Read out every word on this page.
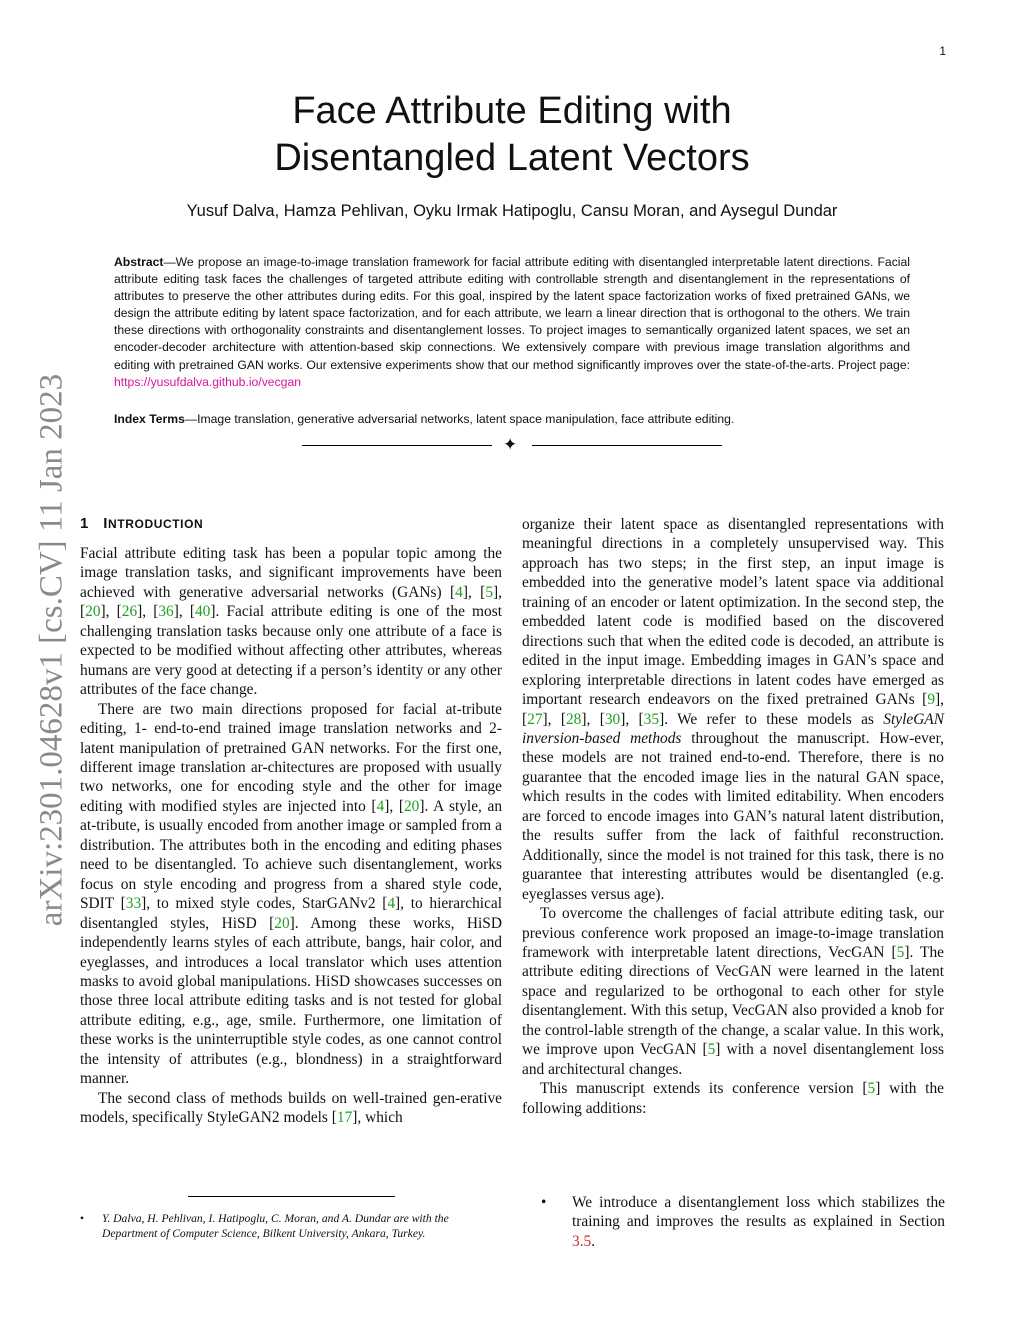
1
arXiv:2301.04628v1 [cs.CV] 11 Jan 2023
Face Attribute Editing with
Disentangled Latent Vectors
Yusuf Dalva, Hamza Pehlivan, Oyku Irmak Hatipoglu, Cansu Moran, and Aysegul Dundar

Abstract—We propose an image-to-image translation framework for facial attribute editing with disentangled interpretable latent directions. Facial attribute editing task faces the challenges of targeted attribute editing with controllable strength and disentanglement in the representations of attributes to preserve the other attributes during edits. For this goal, inspired by the latent space factorization works of fixed pretrained GANs, we design the attribute editing by latent space factorization, and for each attribute, we learn a linear direction that is orthogonal to the others. We train these directions with orthogonality constraints and disentanglement losses. To project images to semantically organized latent spaces, we set an encoder-decoder architecture with attention-based skip connections. We extensively compare with previous image translation algorithms and editing with pretrained GAN works. Our extensive experiments show that our method significantly improves over the state-of-the-arts. Project page: https://yusufdalva.github.io/vecgan

Index Terms—Image translation, generative adversarial networks, latent space manipulation, face attribute editing.

✦
1 INTRODUCTION

Facial attribute editing task has been a popular topic among the image translation tasks, and significant improvements have been achieved with generative adversarial networks (GANs) [4], [5], [20], [26], [36], [40]. Facial attribute editing is one of the most challenging translation tasks because only one attribute of a face is expected to be modified without affecting other attributes, whereas humans are very good at detecting if a person’s identity or any other attributes of the face change.

There are two main directions proposed for facial at-tribute editing, 1- end-to-end trained image translation networks and 2- latent manipulation of pretrained GAN networks. For the first one, different image translation ar-chitectures are proposed with usually two networks, one for encoding style and the other for image editing with modified styles are injected into [4], [20]. A style, an at-tribute, is usually encoded from another image or sampled from a distribution. The attributes both in the encoding and editing phases need to be disentangled. To achieve such disentanglement, works focus on style encoding and progress from a shared style code, SDIT [33], to mixed style codes, StarGANv2 [4], to hierarchical disentangled styles, HiSD [20]. Among these works, HiSD independently learns styles of each attribute, bangs, hair color, and eyeglasses, and introduces a local translator which uses attention masks to avoid global manipulations. HiSD showcases successes on those three local attribute editing tasks and is not tested for global attribute editing, e.g., age, smile. Furthermore, one limitation of these works is the uninterruptible style codes, as one cannot control the intensity of attributes (e.g., blondness) in a straightforward manner.

The second class of methods builds on well-trained gen-erative models, specifically StyleGAN2 models [17], which

organize their latent space as disentangled representations with meaningful directions in a completely unsupervised way. This approach has two steps; in the first step, an input image is embedded into the generative model’s latent space via additional training of an encoder or latent optimization. In the second step, the embedded latent code is modified based on the discovered directions such that when the edited code is decoded, an attribute is edited in the input image. Embedding images in GAN’s space and exploring interpretable directions in latent codes have emerged as important research endeavors on the fixed pretrained GANs [9], [27], [28], [30], [35]. We refer to these models as StyleGAN inversion-based methods throughout the manuscript. How-ever, these models are not trained end-to-end. Therefore, there is no guarantee that the encoded image lies in the natural GAN space, which results in the codes with limited editability. When encoders are forced to encode images into GAN’s natural latent distribution, the results suffer from the lack of faithful reconstruction. Additionally, since the model is not trained for this task, there is no guarantee that interesting attributes would be disentangled (e.g. eyeglasses versus age).

To overcome the challenges of facial attribute editing task, our previous conference work proposed an image-to-image translation framework with interpretable latent directions, VecGAN [5]. The attribute editing directions of VecGAN were learned in the latent space and regularized to be orthogonal to each other for style disentanglement. With this setup, VecGAN also provided a knob for the control-lable strength of the change, a scalar value. In this work, we improve upon VecGAN [5] with a novel disentanglement loss and architectural changes.

This manuscript extends its conference version [5] with the following additions:

• Y. Dalva, H. Pehlivan, I. Hatipoglu, C. Moran, and A. Dundar are with the Department of Computer Science, Bilkent University, Ankara, Turkey.
• We introduce a disentanglement loss which stabilizes the training and improves the results as explained in Section 3.5.
